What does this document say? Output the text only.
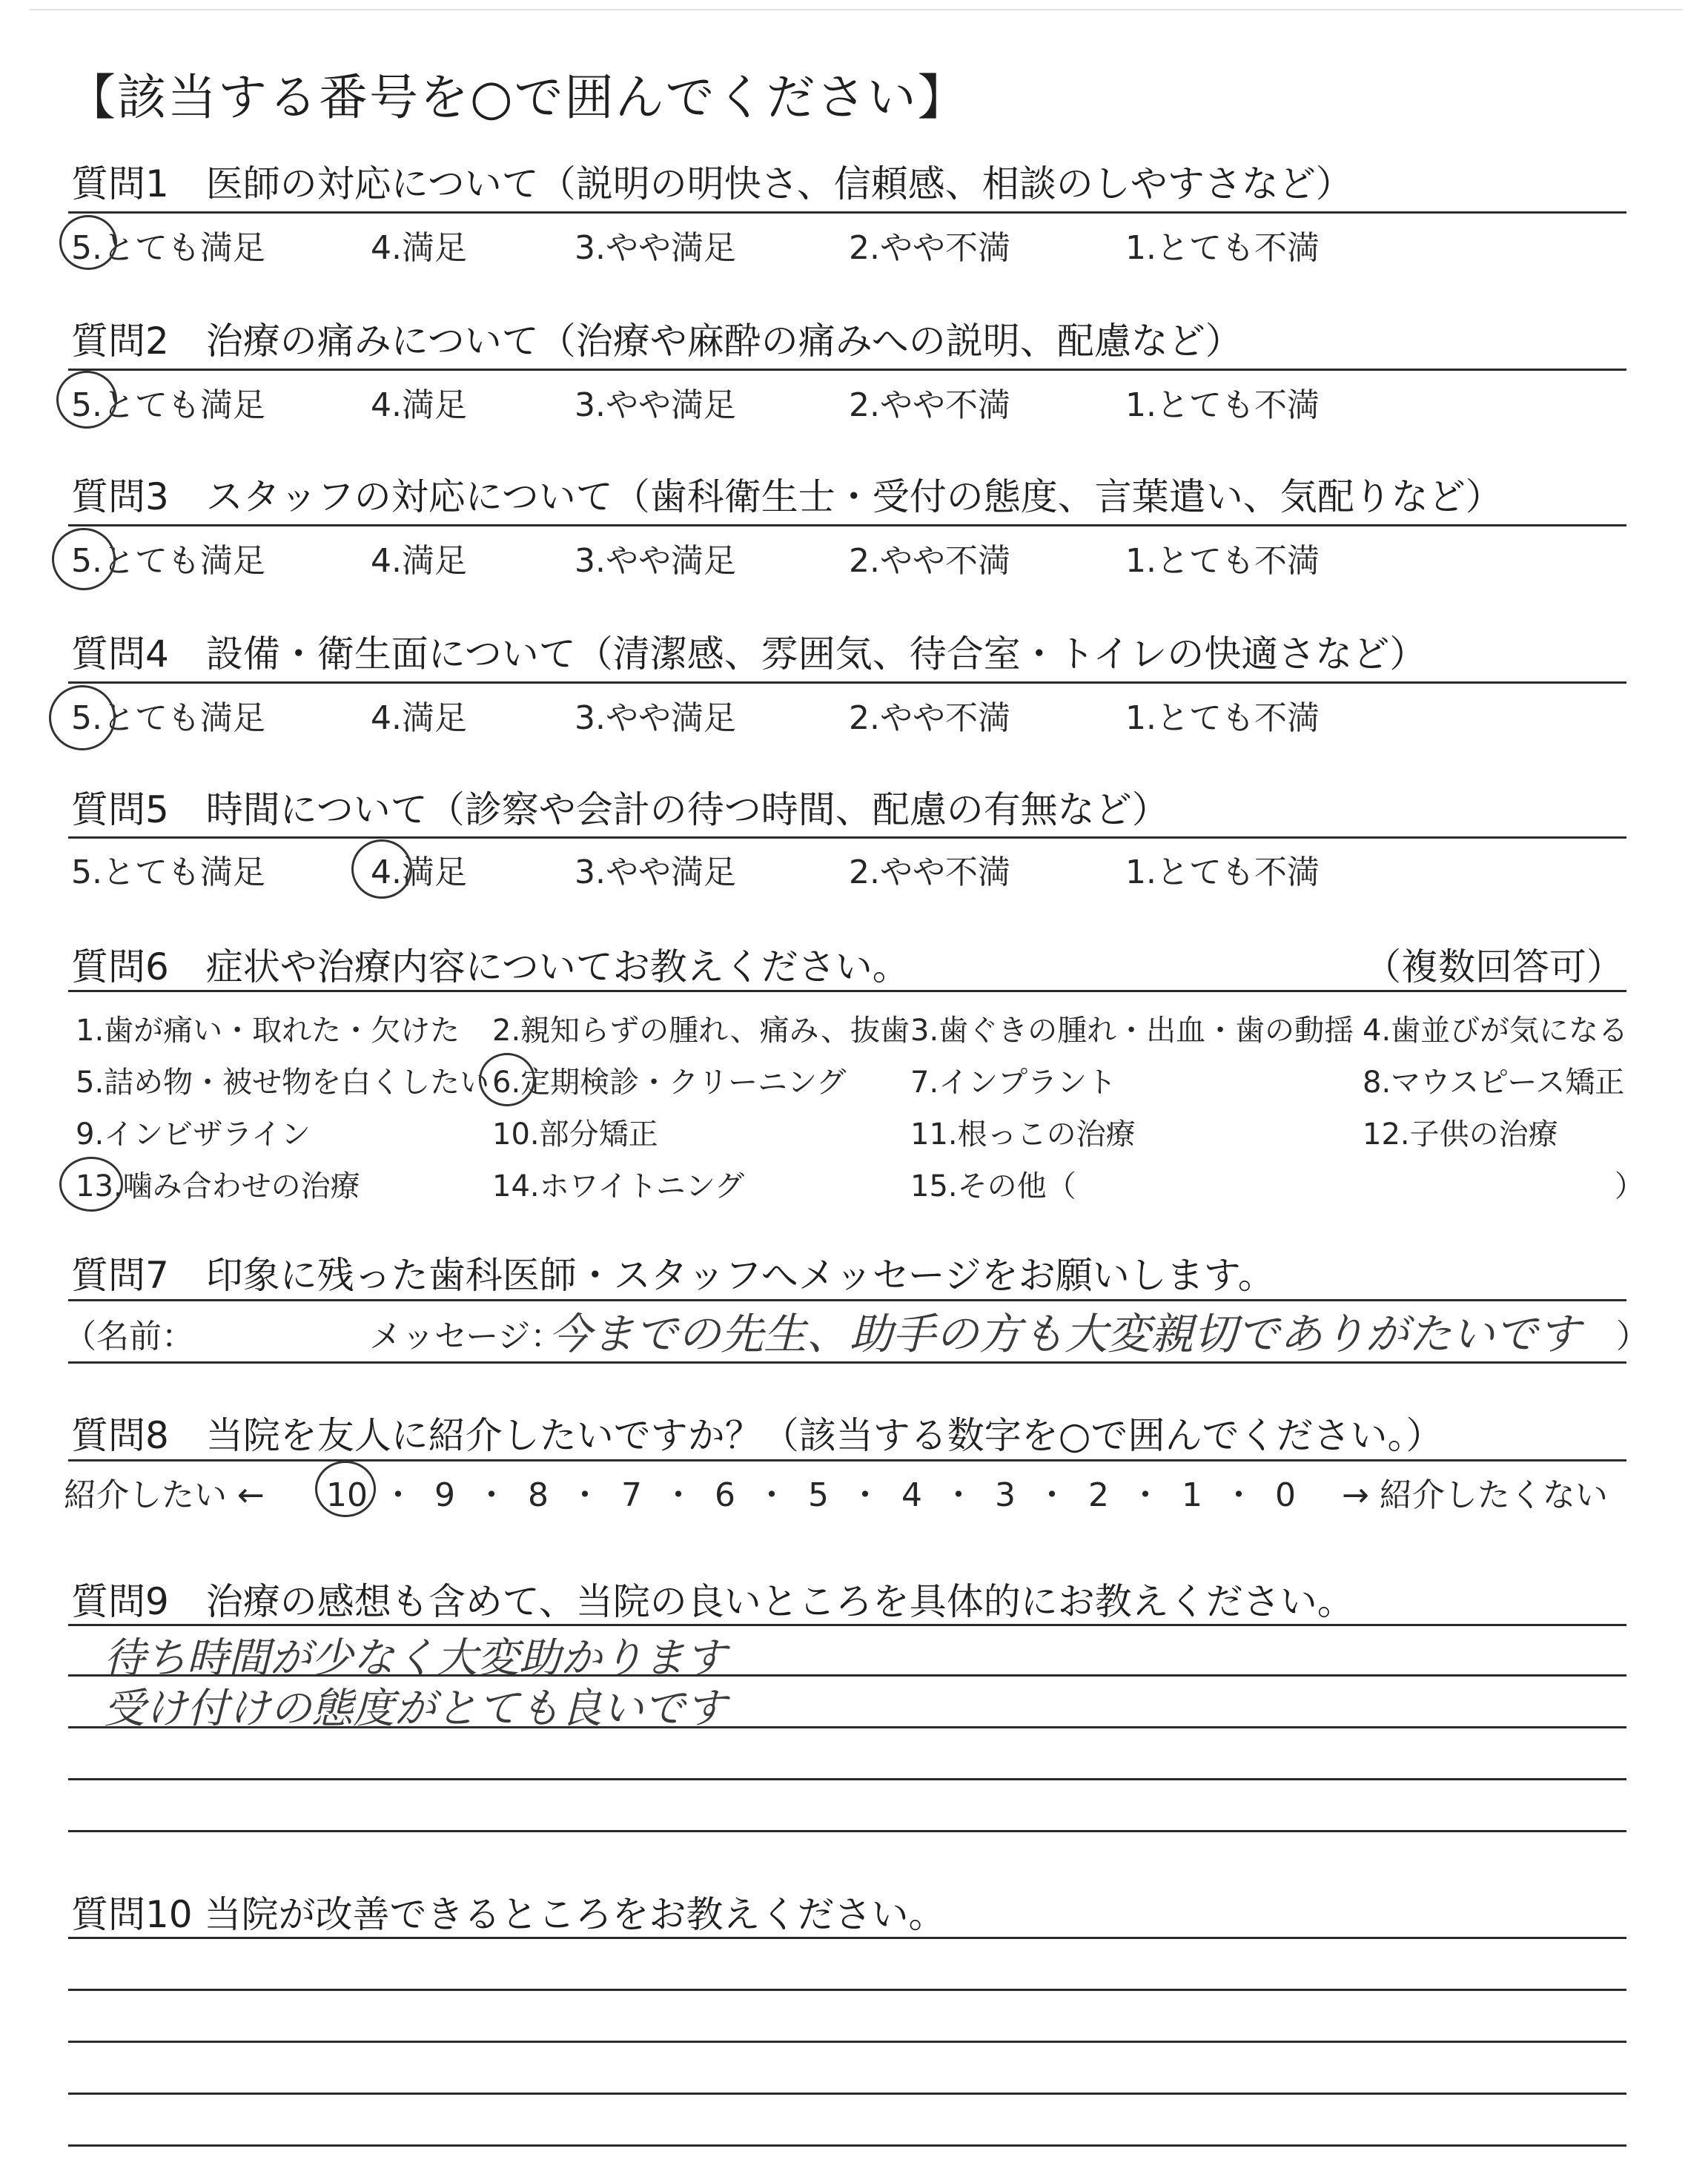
【該当する番号を○で囲んでください】
質問1　医師の対応について（説明の明快さ、信頼感、相談のしやすさなど）
5.とても満足	4.満足	3.やや満足	2.やや不満	1.とても不満
質問2　治療の痛みについて（治療や麻酔の痛みへの説明、配慮など）
5.とても満足	4.満足	3.やや満足	2.やや不満	1.とても不満
質問3　スタッフの対応について（歯科衛生士・受付の態度、言葉遣い、気配りなど）
5.とても満足	4.満足	3.やや満足	2.やや不満	1.とても不満
質問4　設備・衛生面について（清潔感、雰囲気、待合室・トイレの快適さなど）
5.とても満足	4.満足	3.やや満足	2.やや不満	1.とても不満
質問5　時間について（診察や会計の待つ時間、配慮の有無など）
5.とても満足	4.満足	3.やや満足	2.やや不満	1.とても不満
質問6　症状や治療内容についてお教えください。	（複数回答可）
1.歯が痛い・取れた・欠けた 2.親知らずの腫れ、痛み、抜歯 3.歯ぐきの腫れ・出血・歯の動揺 4.歯並びが気になる
5.詰め物・被せ物を白くしたい 6.定期検診・クリーニング 7.インプラント	8.マウスピース矯正
9.インビザライン	10.部分矯正	11.根っこの治療	12.子供の治療
13.噛み合わせの治療	14.ホワイトニング	15.その他（	）
質問7　印象に残った歯科医師・スタッフへメッセージをお願いします。
（名前：	メッセージ：
今までの先生、助手の方も大変親切でありがたいです ）
質問8　当院を友人に紹介したいですか？（該当する数字を○で囲んでください。）
紹介したい ← 10 ・ 9 ・ 8 ・ 7 ・ 6 ・ 5 ・ 4 ・ 3 ・ 2 ・ 1 ・ 0 → 紹介したくない
質問9　治療の感想も含めて、当院の良いところを具体的にお教えください。
待ち時間が少なく大変助かります
受け付けの態度がとても良いです
質問10 当院が改善できるところをお教えください。
